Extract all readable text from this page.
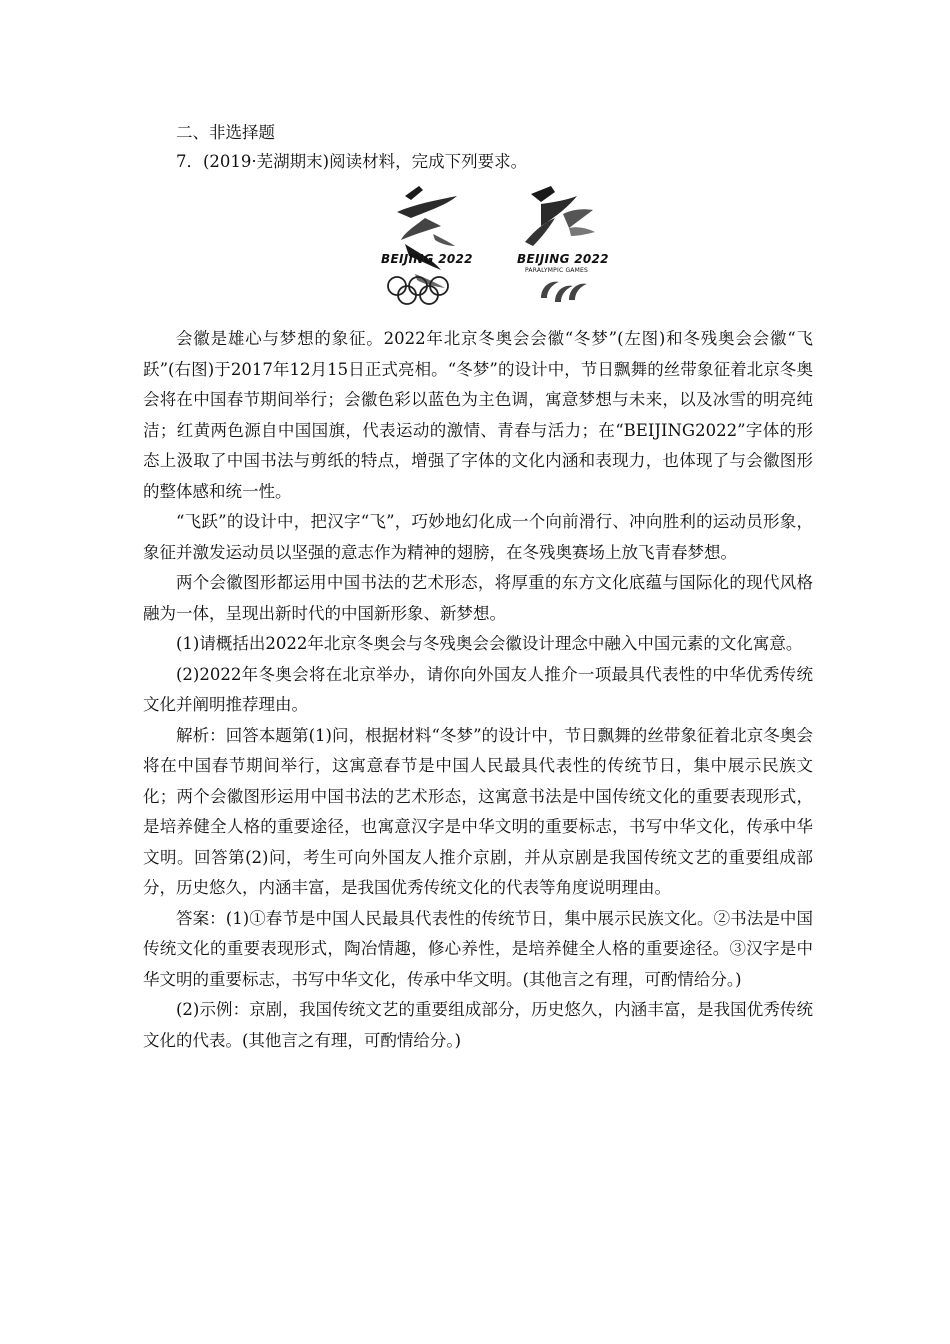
二、非选择题

7．(2019·芜湖期末)阅读材料，完成下列要求。

BEIJING 2022	BEIJING 2022
PARALYMPIC GAMES

会徽是雄心与梦想的象征。2022年北京冬奥会会徽“冬梦”(左图)和冬残奥会会徽“飞跃”(右图)于2017年12月15日正式亮相。“冬梦”的设计中，节日飘舞的丝带象征着北京冬奥会将在中国春节期间举行；会徽色彩以蓝色为主色调，寓意梦想与未来，以及冰雪的明亮纯洁；红黄两色源自中国国旗，代表运动的激情、青春与活力；在“BEIJING2022”字体的形态上汲取了中国书法与剪纸的特点，增强了字体的文化内涵和表现力，也体现了与会徽图形的整体感和统一性。

“飞跃”的设计中，把汉字“飞”，巧妙地幻化成一个向前滑行、冲向胜利的运动员形象，象征并激发运动员以坚强的意志作为精神的翅膀，在冬残奥赛场上放飞青春梦想。

两个会徽图形都运用中国书法的艺术形态，将厚重的东方文化底蕴与国际化的现代风格融为一体，呈现出新时代的中国新形象、新梦想。

(1)请概括出2022年北京冬奥会与冬残奥会会徽设计理念中融入中国元素的文化寓意。

(2)2022年冬奥会将在北京举办，请你向外国友人推介一项最具代表性的中华优秀传统文化并阐明推荐理由。

解析：回答本题第(1)问，根据材料“冬梦”的设计中，节日飘舞的丝带象征着北京冬奥会将在中国春节期间举行，这寓意春节是中国人民最具代表性的传统节日，集中展示民族文化；两个会徽图形运用中国书法的艺术形态，这寓意书法是中国传统文化的重要表现形式，是培养健全人格的重要途径，也寓意汉字是中华文明的重要标志，书写中华文化，传承中华文明。回答第(2)问，考生可向外国友人推介京剧，并从京剧是我国传统文艺的重要组成部分，历史悠久，内涵丰富，是我国优秀传统文化的代表等角度说明理由。

答案：(1)①春节是中国人民最具代表性的传统节日，集中展示民族文化。②书法是中国传统文化的重要表现形式，陶冶情趣，修心养性，是培养健全人格的重要途径。③汉字是中华文明的重要标志，书写中华文化，传承中华文明。(其他言之有理，可酌情给分。)

(2)示例：京剧，我国传统文艺的重要组成部分，历史悠久，内涵丰富，是我国优秀传统文化的代表。(其他言之有理，可酌情给分。)
